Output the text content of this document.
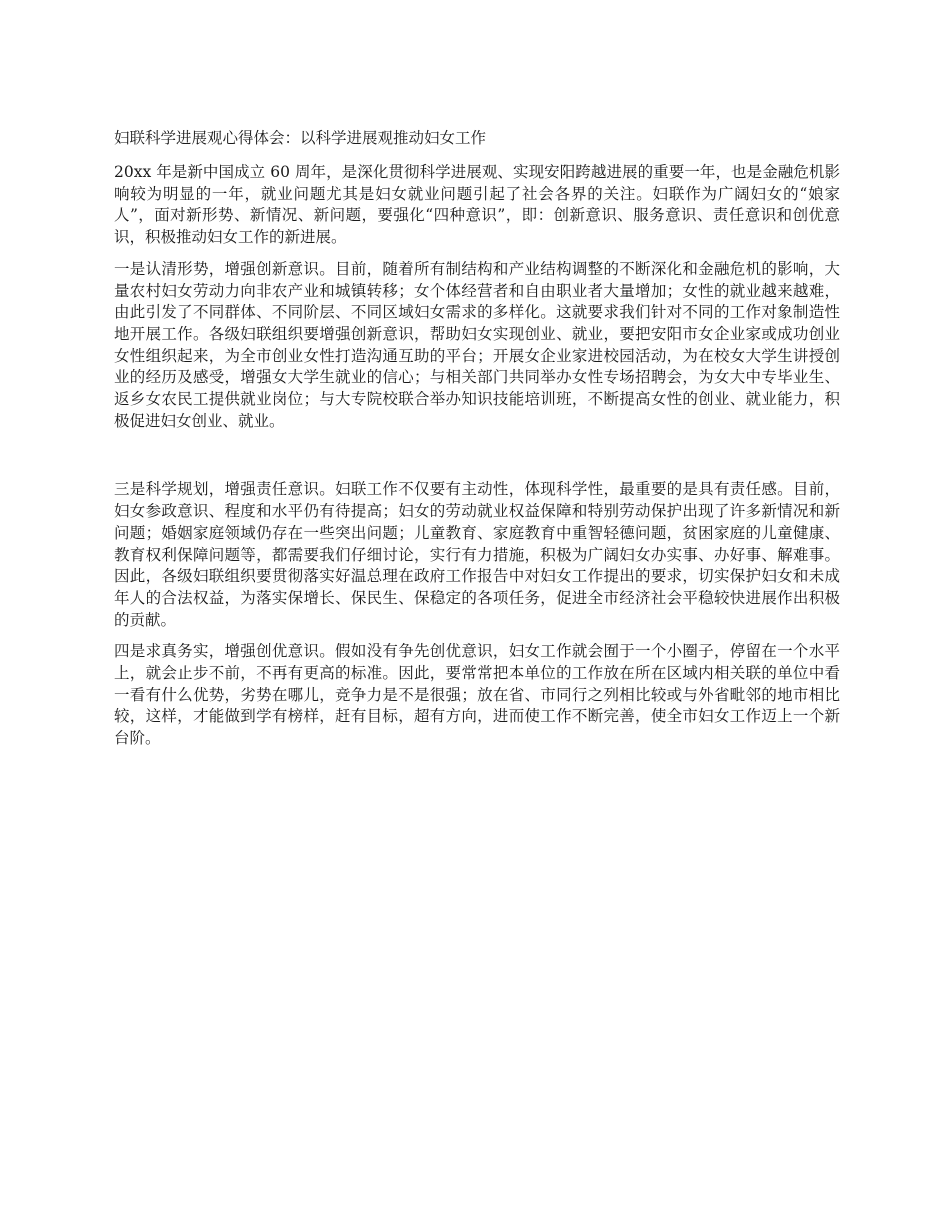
妇联科学进展观心得体会：以科学进展观推动妇女工作

20xx 年是新中国成立 60 周年，是深化贯彻科学进展观、实现安阳跨越进展的重要一年，也是金融危机影响较为明显的一年，就业问题尤其是妇女就业问题引起了社会各界的关注。妇联作为广阔妇女的“娘家人”，面对新形势、新情况、新问题，要强化“四种意识”，即：创新意识、服务意识、责任意识和创优意识，积极推动妇女工作的新进展。

一是认清形势，增强创新意识。目前，随着所有制结构和产业结构调整的不断深化和金融危机的影响，大量农村妇女劳动力向非农产业和城镇转移；女个体经营者和自由职业者大量增加；女性的就业越来越难，由此引发了不同群体、不同阶层、不同区域妇女需求的多样化。这就要求我们针对不同的工作对象制造性地开展工作。各级妇联组织要增强创新意识，帮助妇女实现创业、就业，要把安阳市女企业家或成功创业女性组织起来，为全市创业女性打造沟通互助的平台；开展女企业家进校园活动，为在校女大学生讲授创业的经历及感受，增强女大学生就业的信心；与相关部门共同举办女性专场招聘会，为女大中专毕业生、返乡女农民工提供就业岗位；与大专院校联合举办知识技能培训班，不断提高女性的创业、就业能力，积极促进妇女创业、就业。

三是科学规划，增强责任意识。妇联工作不仅要有主动性，体现科学性，最重要的是具有责任感。目前，妇女参政意识、程度和水平仍有待提高；妇女的劳动就业权益保障和特别劳动保护出现了许多新情况和新问题；婚姻家庭领域仍存在一些突出问题；儿童教育、家庭教育中重智轻德问题，贫困家庭的儿童健康、教育权利保障问题等，都需要我们仔细讨论，实行有力措施，积极为广阔妇女办实事、办好事、解难事。因此，各级妇联组织要贯彻落实好温总理在政府工作报告中对妇女工作提出的要求，切实保护妇女和未成年人的合法权益，为落实保增长、保民生、保稳定的各项任务，促进全市经济社会平稳较快进展作出积极的贡献。

四是求真务实，增强创优意识。假如没有争先创优意识，妇女工作就会囿于一个小圈子，停留在一个水平上，就会止步不前，不再有更高的标准。因此，要常常把本单位的工作放在所在区域内相关联的单位中看一看有什么优势，劣势在哪儿，竞争力是不是很强；放在省、市同行之列相比较或与外省毗邻的地市相比较，这样，才能做到学有榜样，赶有目标，超有方向，进而使工作不断完善，使全市妇女工作迈上一个新台阶。
